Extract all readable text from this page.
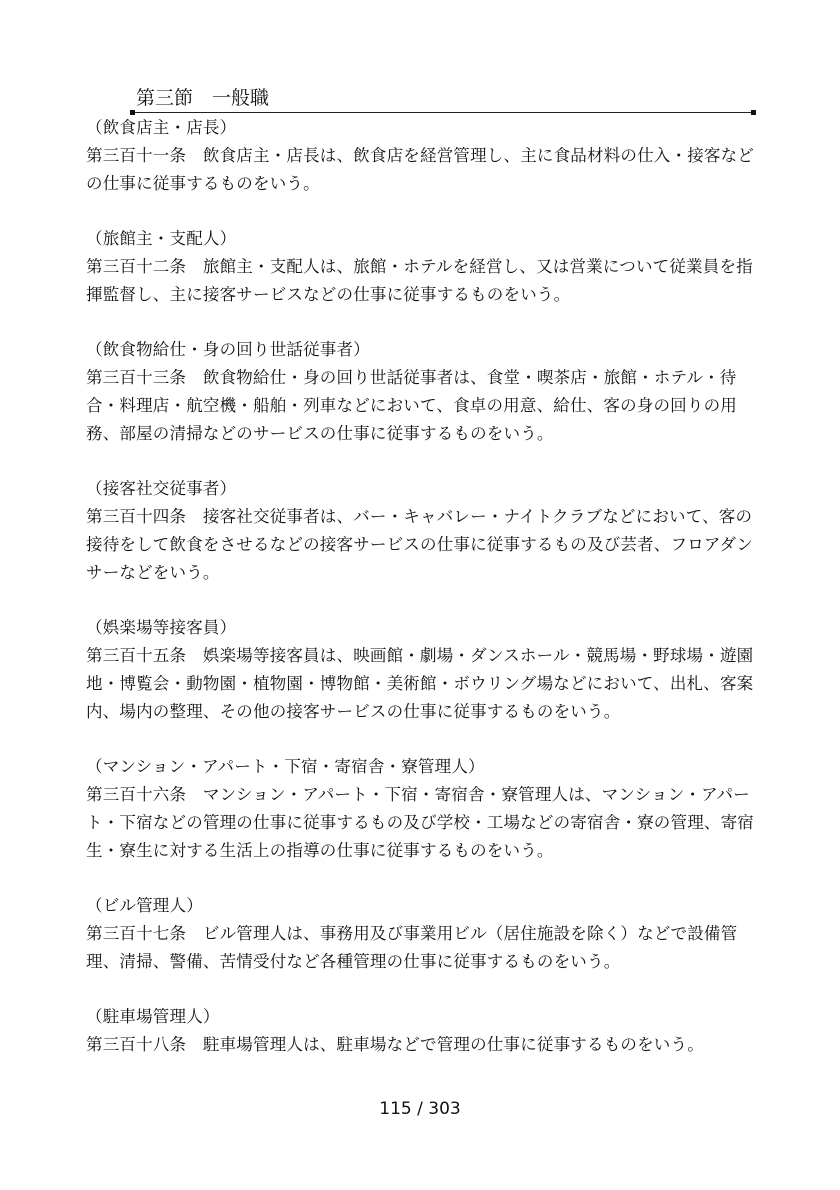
第三節　一般職
（飲食店主・店長）
第三百十一条　飲食店主・店長は、飲食店を経営管理し、主に食品材料の仕入・接客などの仕事に従事するものをいう。
（旅館主・支配人）
第三百十二条　旅館主・支配人は、旅館・ホテルを経営し、又は営業について従業員を指揮監督し、主に接客サービスなどの仕事に従事するものをいう。
（飲食物給仕・身の回り世話従事者）
第三百十三条　飲食物給仕・身の回り世話従事者は、食堂・喫茶店・旅館・ホテル・待合・料理店・航空機・船舶・列車などにおいて、食卓の用意、給仕、客の身の回りの用務、部屋の清掃などのサービスの仕事に従事するものをいう。
（接客社交従事者）
第三百十四条　接客社交従事者は、バー・キャバレー・ナイトクラブなどにおいて、客の接待をして飲食をさせるなどの接客サービスの仕事に従事するもの及び芸者、フロアダンサーなどをいう。
（娯楽場等接客員）
第三百十五条　娯楽場等接客員は、映画館・劇場・ダンスホール・競馬場・野球場・遊園地・博覧会・動物園・植物園・博物館・美術館・ボウリング場などにおいて、出札、客案内、場内の整理、その他の接客サービスの仕事に従事するものをいう。
（マンション・アパート・下宿・寄宿舎・寮管理人）
第三百十六条　マンション・アパート・下宿・寄宿舎・寮管理人は、マンション・アパート・下宿などの管理の仕事に従事するもの及び学校・工場などの寄宿舎・寮の管理、寄宿生・寮生に対する生活上の指導の仕事に従事するものをいう。
（ビル管理人）
第三百十七条　ビル管理人は、事務用及び事業用ビル（居住施設を除く）などで設備管理、清掃、警備、苦情受付など各種管理の仕事に従事するものをいう。
（駐車場管理人）
第三百十八条　駐車場管理人は、駐車場などで管理の仕事に従事するものをいう。
115 / 303
